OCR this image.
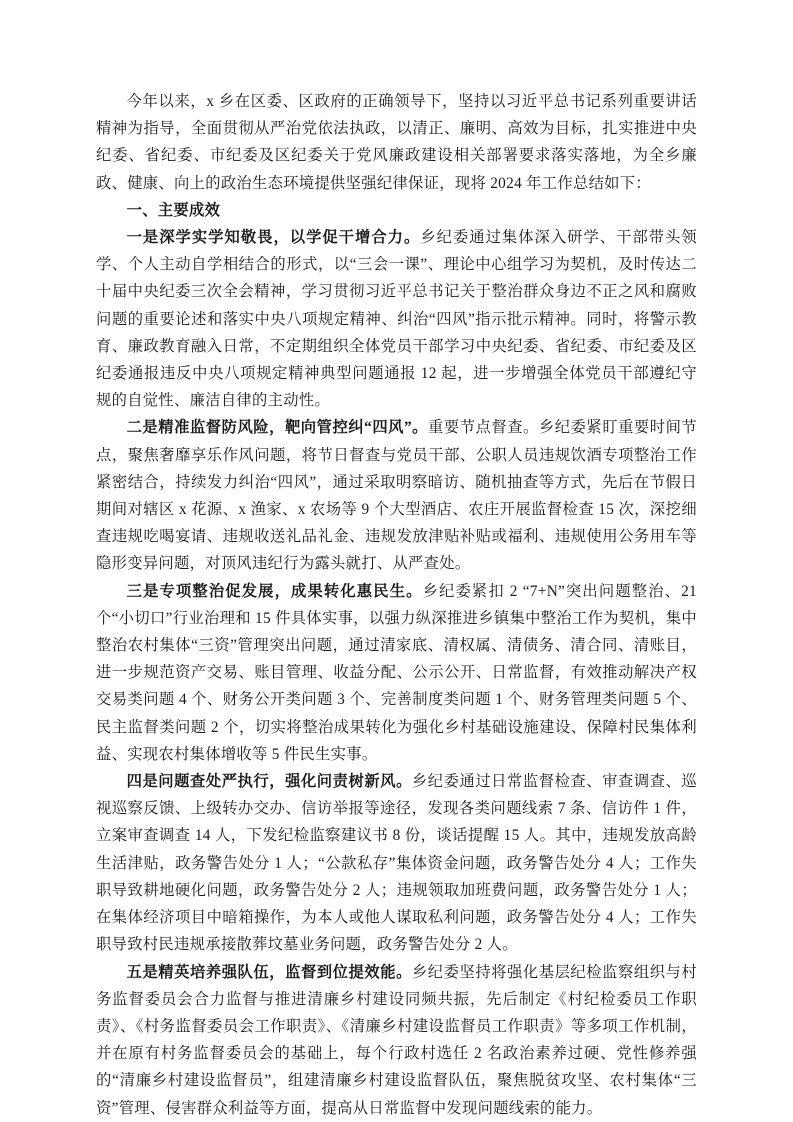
今年以来，x 乡在区委、区政府的正确领导下，坚持以习近平总书记系列重要讲话精神为指导，全面贯彻从严治党依法执政，以清正、廉明、高效为目标，扎实推进中央纪委、省纪委、市纪委及区纪委关于党风廉政建设相关部署要求落实落地，为全乡廉政、健康、向上的政治生态环境提供坚强纪律保证，现将 2024 年工作总结如下：

一、主要成效

一是深学实学知敬畏，以学促干增合力。乡纪委通过集体深入研学、干部带头领学、个人主动自学相结合的形式，以“三会一课”、理论中心组学习为契机，及时传达二十届中央纪委三次全会精神，学习贯彻习近平总书记关于整治群众身边不正之风和腐败问题的重要论述和落实中央八项规定精神、纠治“四风”指示批示精神。同时，将警示教育、廉政教育融入日常，不定期组织全体党员干部学习中央纪委、省纪委、市纪委及区纪委通报违反中央八项规定精神典型问题通报 12 起，进一步增强全体党员干部遵纪守规的自觉性、廉洁自律的主动性。

二是精准监督防风险，靶向管控纠“四风”。重要节点督查。乡纪委紧盯重要时间节点，聚焦奢靡享乐作风问题，将节日督查与党员干部、公职人员违规饮酒专项整治工作紧密结合，持续发力纠治“四风”，通过采取明察暗访、随机抽查等方式，先后在节假日期间对辖区 x 花源、x 渔家、x 农场等 9 个大型酒店、农庄开展监督检查 15 次，深挖细查违规吃喝宴请、违规收送礼品礼金、违规发放津贴补贴或福利、违规使用公务用车等隐形变异问题，对顶风违纪行为露头就打、从严查处。

三是专项整治促发展，成果转化惠民生。乡纪委紧扣 2 “7+N”突出问题整治、21 个“小切口”行业治理和 15 件具体实事，以强力纵深推进乡镇集中整治工作为契机，集中整治农村集体“三资”管理突出问题，通过清家底、清权属、清债务、清合同、清账目，进一步规范资产交易、账目管理、收益分配、公示公开、日常监督，有效推动解决产权交易类问题 4 个、财务公开类问题 3 个、完善制度类问题 1 个、财务管理类问题 5 个、民主监督类问题 2 个，切实将整治成果转化为强化乡村基础设施建设、保障村民集体利益、实现农村集体增收等 5 件民生实事。

四是问题查处严执行，强化问责树新风。乡纪委通过日常监督检查、审查调查、巡视巡察反馈、上级转办交办、信访举报等途径，发现各类问题线索 7 条、信访件 1 件，立案审查调查 14 人，下发纪检监察建议书 8 份，谈话提醒 15 人。其中，违规发放高龄生活津贴，政务警告处分 1 人；“公款私存”集体资金问题，政务警告处分 4 人；工作失职导致耕地硬化问题，政务警告处分 2 人；违规领取加班费问题，政务警告处分 1 人；在集体经济项目中暗箱操作，为本人或他人谋取私利问题，政务警告处分 4 人；工作失职导致村民违规承接散葬坟墓业务问题，政务警告处分 2 人。

五是精英培养强队伍，监督到位提效能。乡纪委坚持将强化基层纪检监察组织与村务监督委员会合力监督与推进清廉乡村建设同频共振，先后制定《村纪检委员工作职责》、《村务监督委员会工作职责》、《清廉乡村建设监督员工作职责》等多项工作机制，并在原有村务监督委员会的基础上，每个行政村选任 2 名政治素养过硬、党性修养强的“清廉乡村建设监督员”，组建清廉乡村建设监督队伍，聚焦脱贫攻坚、农村集体“三资”管理、侵害群众利益等方面，提高从日常监督中发现问题线索的能力。
